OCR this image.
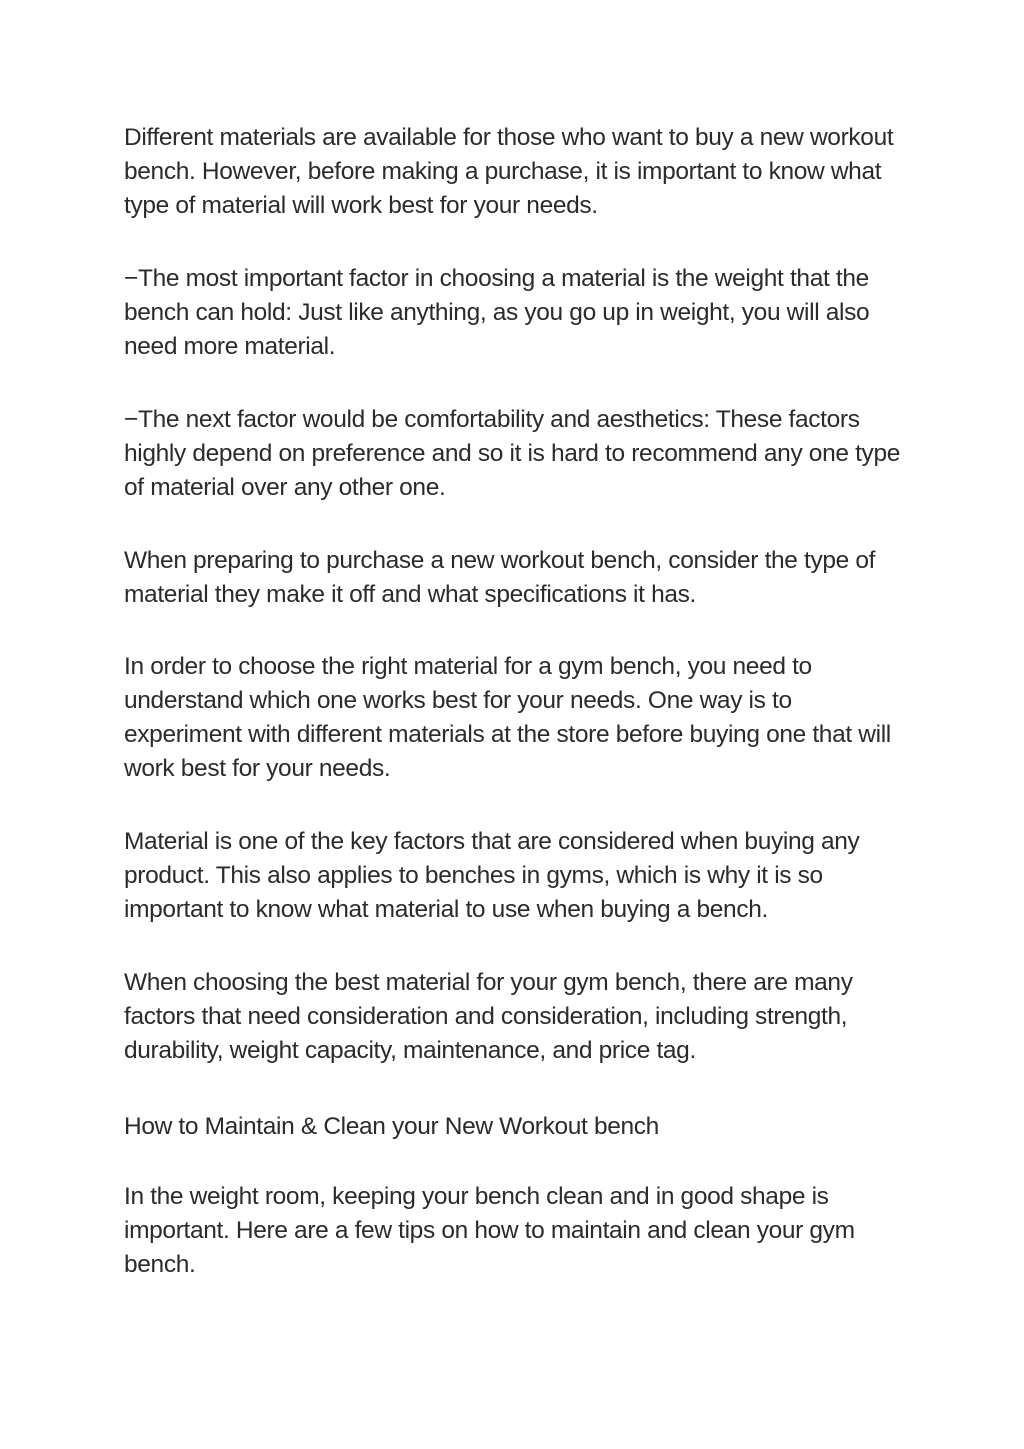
Different materials are available for those who want to buy a new workout bench. However, before making a purchase, it is important to know what type of material will work best for your needs.

−The most important factor in choosing a material is the weight that the bench can hold: Just like anything, as you go up in weight, you will also need more material.

−The next factor would be comfortability and aesthetics: These factors highly depend on preference and so it is hard to recommend any one type of material over any other one.

When preparing to purchase a new workout bench, consider the type of material they make it off and what specifications it has.

In order to choose the right material for a gym bench, you need to understand which one works best for your needs. One way is to experiment with different materials at the store before buying one that will work best for your needs.

Material is one of the key factors that are considered when buying any product. This also applies to benches in gyms, which is why it is so important to know what material to use when buying a bench.

When choosing the best material for your gym bench, there are many factors that need consideration and consideration, including strength, durability, weight capacity, maintenance, and price tag.

How to Maintain & Clean your New Workout bench

In the weight room, keeping your bench clean and in good shape is important. Here are a few tips on how to maintain and clean your gym bench.
